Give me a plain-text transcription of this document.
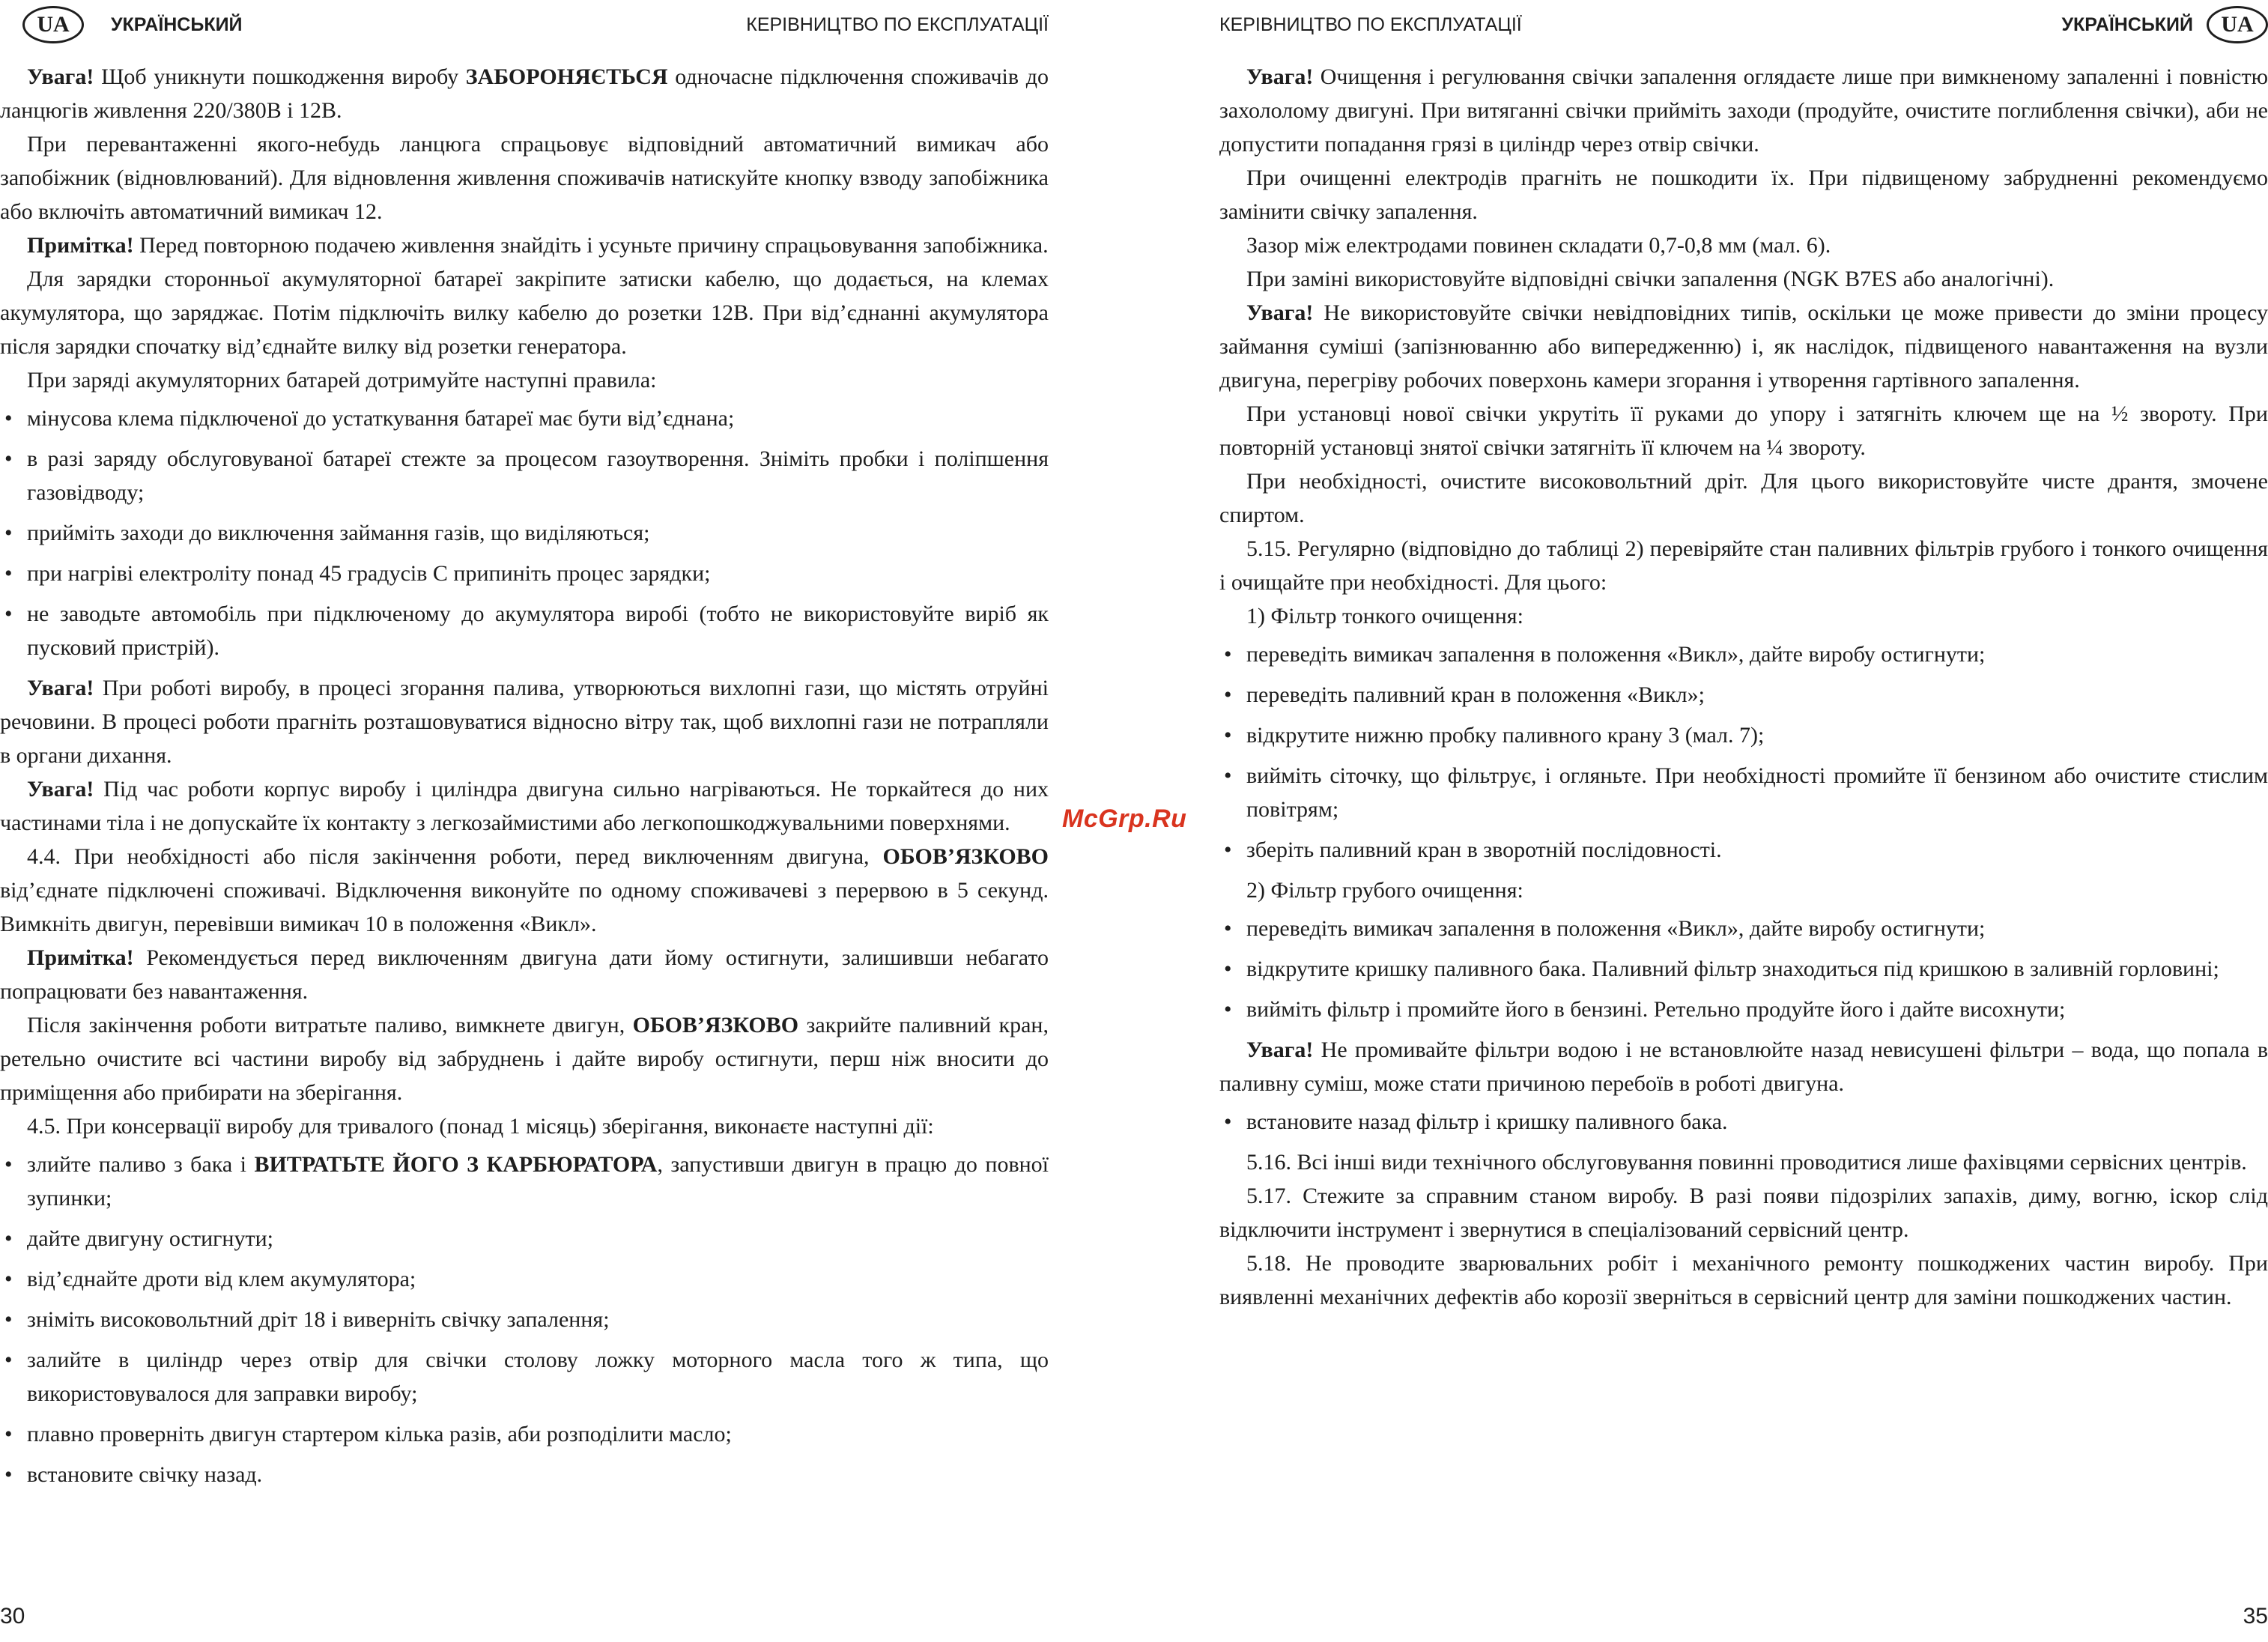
UA	УКРАЇНСЬКИЙ	КЕРІВНИЦТВО ПО ЕКСПЛУАТАЦІЇ

Увага! Щоб уникнути пошкодження виробу ЗАБОРОНЯЄТЬСЯ одночасне підключення споживачів до ланцюгів живлення 220/380В і 12В.

При перевантаженні якого-небудь ланцюга спрацьовує відповідний автоматичний вимикач або запобіжник (відновлюваний). Для відновлення живлення споживачів натискуйте кнопку взводу запобіжника або включіть автоматичний вимикач 12.

Примітка! Перед повторною подачею живлення знайдіть і усуньте причину спрацьовування запобіжника.

Для зарядки сторонньої акумуляторної батареї закріпите затиски кабелю, що додається, на клемах акумулятора, що заряджає. Потім підключіть вилку кабелю до розетки 12В. При від’єднанні акумулятора після зарядки спочатку від’єднайте вилку від розетки генератора.

При заряді акумуляторних батарей дотримуйте наступні правила:

• мінусова клема підключеної до устаткування батареї має бути від’єднана;
• в разі заряду обслуговуваної батареї стежте за процесом газоутворення. Зніміть пробки і поліпшення газовідводу;
• прийміть заходи до виключення займання газів, що виділяються;
• при нагріві електроліту понад 45 градусів С припиніть процес зарядки;
• не заводьте автомобіль при підключеному до акумулятора виробі (тобто не використовуйте виріб як пусковий пристрій).

Увага! При роботі виробу, в процесі згорання палива, утворюються вихлопні гази, що містять отруйні речовини. В процесі роботи прагніть розташовуватися відносно вітру так, щоб вихлопні гази не потрапляли в органи дихання.

Увага! Під час роботи корпус виробу і циліндра двигуна сильно нагріваються. Не торкайтеся до них частинами тіла і не допускайте їх контакту з легкозаймистими або легкопошкоджувальними поверхнями.

4.4. При необхідності або після закінчення роботи, перед виключенням двигуна, ОБОВ’ЯЗКОВО від’єднате підключені споживачі. Відключення виконуйте по одному споживачеві з перервою в 5 секунд. Вимкніть двигун, перевівши вимикач 10 в положення «Викл».

Примітка! Рекомендується перед виключенням двигуна дати йому остигнути, залишивши небагато попрацювати без навантаження.

Після закінчення роботи витратьте паливо, вимкнете двигун, ОБОВ’ЯЗКОВО закрийте паливний кран, ретельно очистите всі частини виробу від забруднень і дайте виробу остигнути, перш ніж вносити до приміщення або прибирати на зберігання.

4.5. При консервації виробу для тривалого (понад 1 місяць) зберігання, виконаєте наступні дії:

• злийте паливо з бака і ВИТРАТЬТЕ ЙОГО З КАРБЮРАТОРА, запустивши двигун в працю до повної зупинки;
• дайте двигуну остигнути;
• від’єднайте дроти від клем акумулятора;
• зніміть високовольтний дріт 18 і виверніть свічку запалення;
• залийте в циліндр через отвір для свічки столову ложку моторного масла того ж типа, що використовувалося для заправки виробу;
• плавно проверніть двигун стартером кілька разів, аби розподілити масло;
• встановите свічку назад.
30
McGrp.Ru
КЕРІВНИЦТВО ПО ЕКСПЛУАТАЦІЇ	УКРАЇНСЬКИЙ	UA

Увага! Очищення і регулювання свічки запалення оглядаєте лише при вимкненому запаленні і повністю захололому двигуні. При витяганні свічки прийміть заходи (продуйте, очистите поглиблення свічки), аби не допустити попадання грязі в циліндр через отвір свічки.

При очищенні електродів прагніть не пошкодити їх. При підвищеному забрудненні рекомендуємо замінити свічку запалення.

Зазор між електродами повинен складати 0,7-0,8 мм (мал. 6).

При заміні використовуйте відповідні свічки запалення (NGK B7ES або аналогічні).

Увага! Не використовуйте свічки невідповідних типів, оскільки це може привести до зміни процесу займання суміші (запізнюванню або випередженню) і, як наслідок, підвищеного навантаження на вузли двигуна, перегріву робочих поверхонь камери згорання і утворення гартівного запалення.

При установці нової свічки укрутіть її руками до упору і затягніть ключем ще на ½ звороту. При повторній установці знятої свічки затягніть її ключем на ¼ звороту.

При необхідності, очистите високовольтний дріт. Для цього використовуйте чисте дрантя, змочене спиртом.

5.15. Регулярно (відповідно до таблиці 2) перевіряйте стан паливних фільтрів грубого і тонкого очищення і очищайте при необхідності. Для цього:

1) Фільтр тонкого очищення:

• переведіть вимикач запалення в положення «Викл», дайте виробу остигнути;
• переведіть паливний кран в положення «Викл»;
• відкрутите нижню пробку паливного крану 3 (мал. 7);
• вийміть сіточку, що фільтрує, і огляньте. При необхідності промийте її бензином або очистите стислим повітрям;
• зберіть паливний кран в зворотній послідовності.

2) Фільтр грубого очищення:

• переведіть вимикач запалення в положення «Викл», дайте виробу остигнути;
• відкрутите кришку паливного бака. Паливний фільтр знаходиться під кришкою в заливній горловині;
• вийміть фільтр і промийте його в бензині. Ретельно продуйте його і дайте висохнути;

Увага! Не промивайте фільтри водою і не встановлюйте назад невисушені фільтри – вода, що попала в паливну суміш, може стати причиною перебоїв в роботі двигуна.

• встановите назад фільтр і кришку паливного бака.

5.16. Всі інші види технічного обслуговування повинні проводитися лише фахівцями сервісних центрів.

5.17. Стежите за справним станом виробу. В разі появи підозрілих запахів, диму, вогню, іскор слід відключити інструмент і звернутися в спеціалізований сервісний центр.

5.18. Не проводите зварювальних робіт і механічного ремонту пошкоджених частин виробу. При виявленні механічних дефектів або корозії зверніться в сервісний центр для заміни пошкоджених частин.

35
